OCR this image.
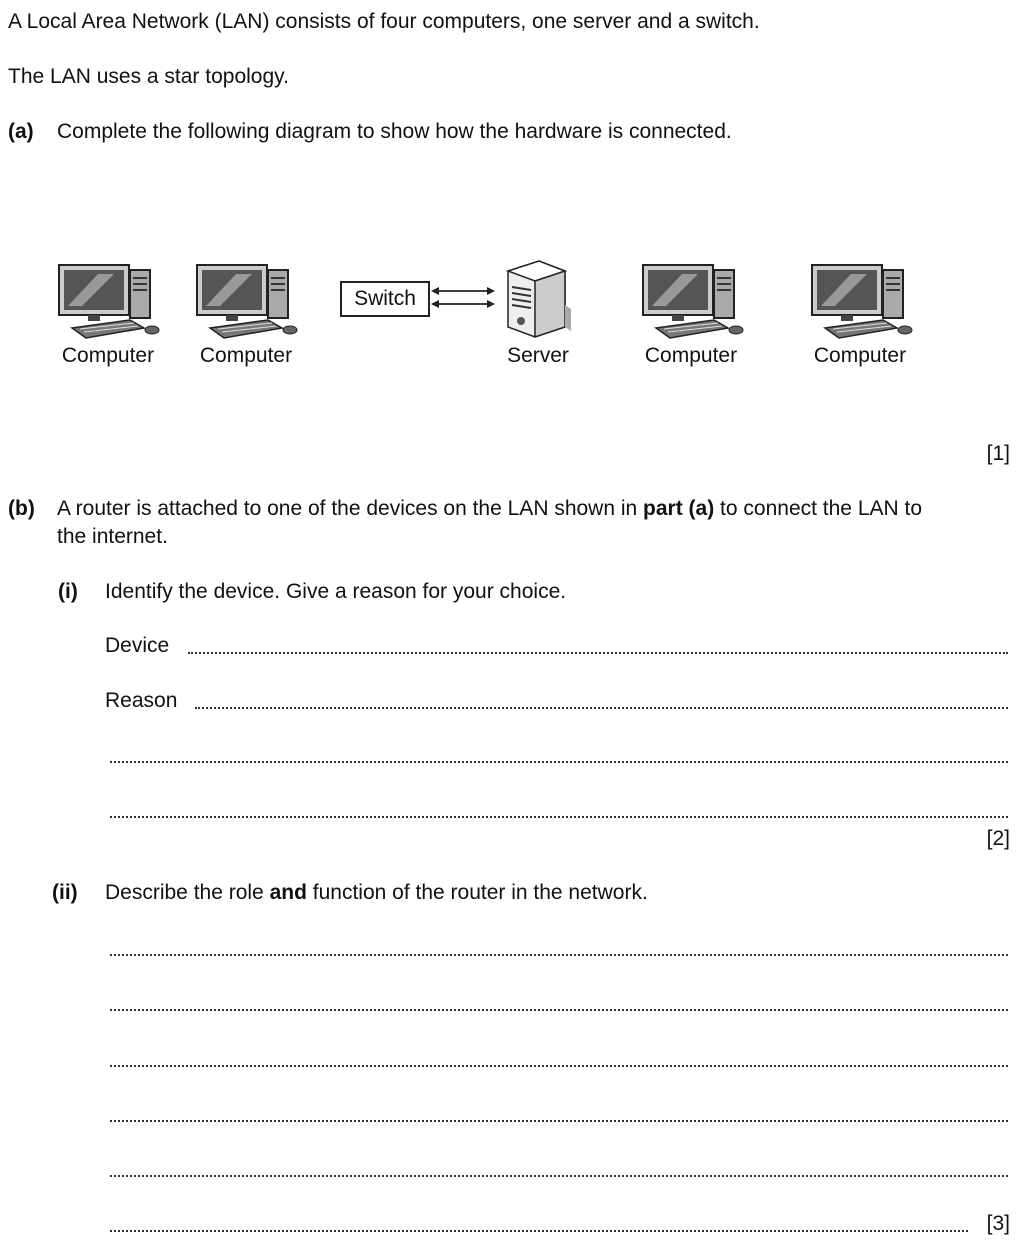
A Local Area Network (LAN) consists of four computers, one server and a switch.
The LAN uses a star topology.
(a) Complete the following diagram to show how the hardware is connected.
Computer	Computer
Switch
Server	Computer	Computer
[1]
(b) A router is attached to one of the devices on the LAN shown in part (a) to connect the LAN to
the internet.
(i) Identify the device. Give a reason for your choice.
Device
Reason
[2]
(ii) Describe the role and function of the router in the network.
[3]
